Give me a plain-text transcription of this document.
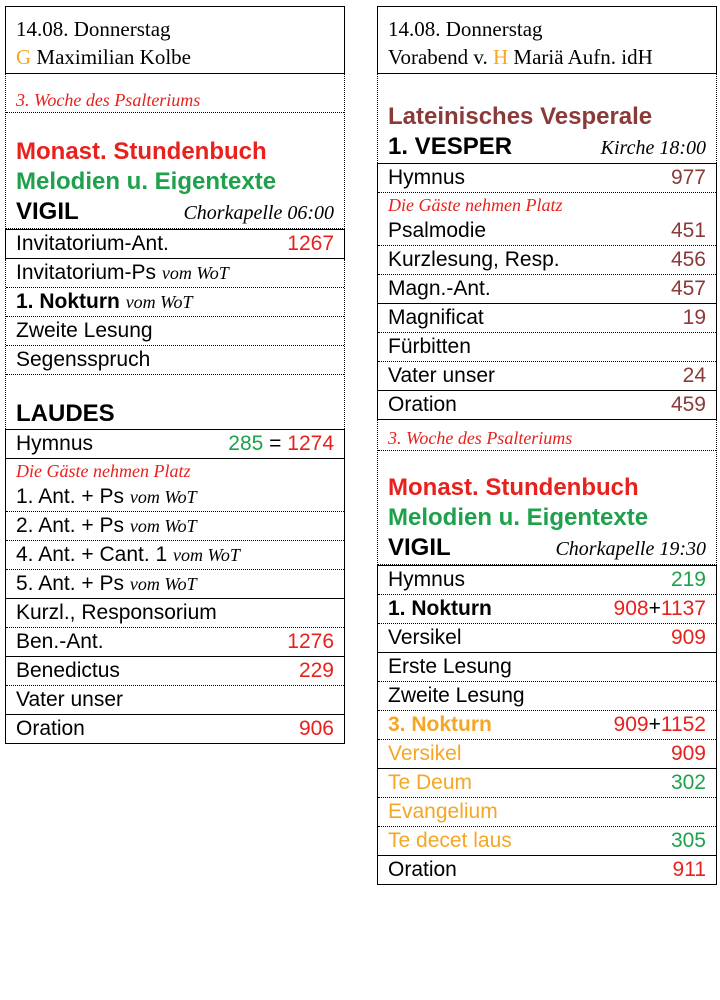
14.08. Donnerstag
G Maximilian Kolbe
3. Woche des Psalteriums
Monast. Stundenbuch
Melodien u. Eigentexte
VIGIL	Chorkapelle 06:00
Invitatorium-Ant.	1267
Invitatorium-Ps vom WoT
1. Nokturn vom WoT
Zweite Lesung
Segensspruch
LAUDES
Hymnus	285 = 1274
Die Gäste nehmen Platz
1. Ant. + Ps vom WoT
2. Ant. + Ps vom WoT
4. Ant. + Cant. 1 vom WoT
5. Ant. + Ps vom WoT
Kurzl., Responsorium
Ben.-Ant.	1276
Benedictus	229
Vater unser
Oration	906
14.08. Donnerstag
Vorabend v. H Mariä Aufn. idH
Lateinisches Vesperale
1. VESPER	Kirche 18:00
Hymnus	977
Die Gäste nehmen Platz
Psalmodie	451
Kurzlesung, Resp.	456
Magn.-Ant.	457
Magnificat	19
Fürbitten
Vater unser	24
Oration	459
3. Woche des Psalteriums
Monast. Stundenbuch
Melodien u. Eigentexte
VIGIL	Chorkapelle 19:30
Hymnus	219
1. Nokturn	908+1137
Versikel	909
Erste Lesung
Zweite Lesung
3. Nokturn	909+1152
Versikel	909
Te Deum	302
Evangelium
Te decet laus	305
Oration	911
